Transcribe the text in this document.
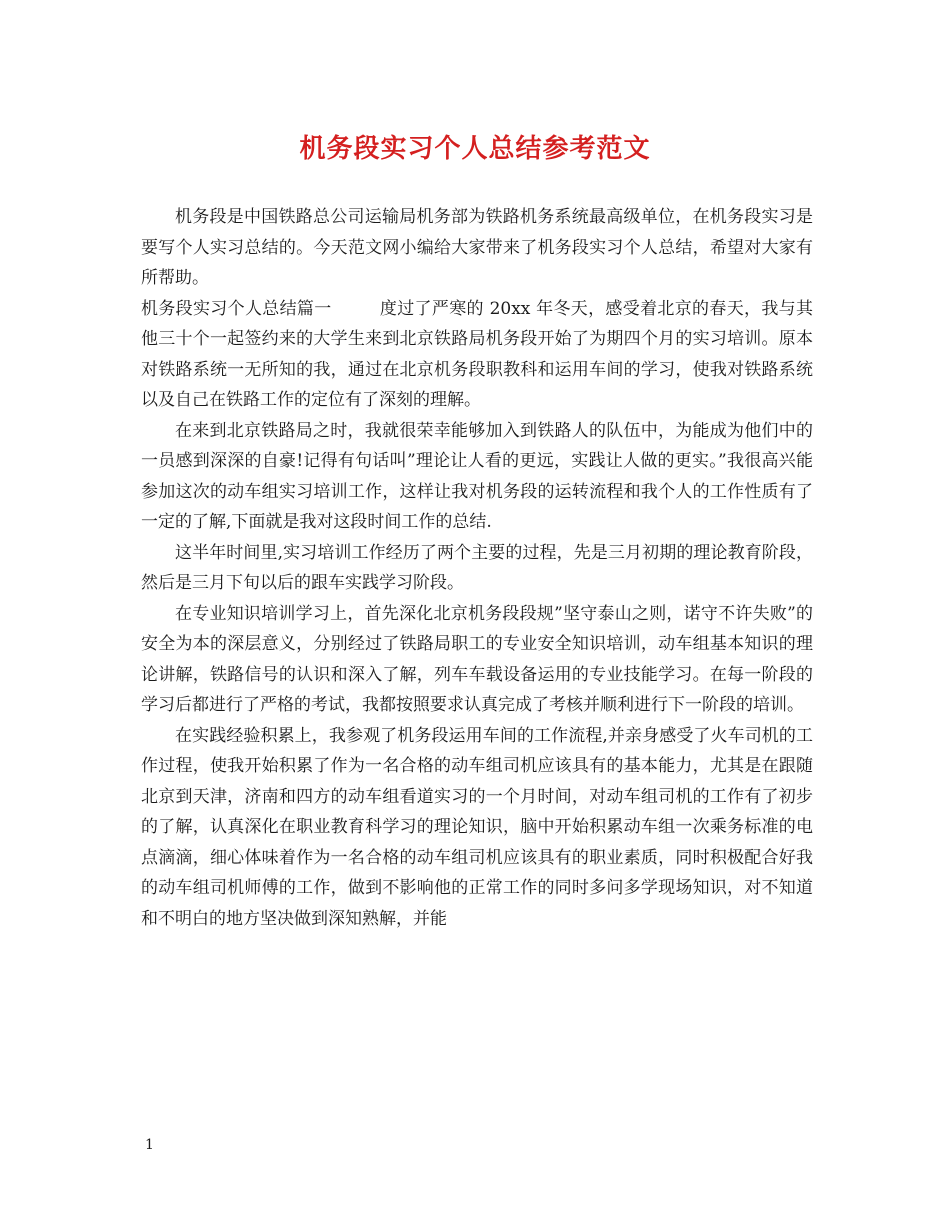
机务段实习个人总结参考范文

机务段是中国铁路总公司运输局机务部为铁路机务系统最高级单位，在机务段实习是要写个人实习总结的。今天范文网小编给大家带来了机务段实习个人总结，希望对大家有所帮助。

机务段实习个人总结篇一	度过了严寒的 20xx 年冬天，感受着北京的春天，我与其他三十个一起签约来的大学生来到北京铁路局机务段开始了为期四个月的实习培训。原本对铁路系统一无所知的我，通过在北京机务段职教科和运用车间的学习，使我对铁路系统以及自己在铁路工作的定位有了深刻的理解。

在来到北京铁路局之时，我就很荣幸能够加入到铁路人的队伍中，为能成为他们中的一员感到深深的自豪!记得有句话叫”理论让人看的更远，实践让人做的更实。”我很高兴能参加这次的动车组实习培训工作，这样让我对机务段的运转流程和我个人的工作性质有了一定的了解,下面就是我对这段时间工作的总结.

这半年时间里,实习培训工作经历了两个主要的过程，先是三月初期的理论教育阶段，然后是三月下旬以后的跟车实践学习阶段。

在专业知识培训学习上，首先深化北京机务段段规”坚守泰山之则，诺守不许失败”的安全为本的深层意义，分别经过了铁路局职工的专业安全知识培训，动车组基本知识的理论讲解，铁路信号的认识和深入了解，列车车载设备运用的专业技能学习。在每一阶段的学习后都进行了严格的考试，我都按照要求认真完成了考核并顺利进行下一阶段的培训。

在实践经验积累上，我参观了机务段运用车间的工作流程,并亲身感受了火车司机的工作过程，使我开始积累了作为一名合格的动车组司机应该具有的基本能力，尤其是在跟随北京到天津，济南和四方的动车组看道实习的一个月时间，对动车组司机的工作有了初步的了解，认真深化在职业教育科学习的理论知识，脑中开始积累动车组一次乘务标准的电点滴滴，细心体味着作为一名合格的动车组司机应该具有的职业素质，同时积极配合好我的动车组司机师傅的工作，做到不影响他的正常工作的同时多问多学现场知识，对不知道和不明白的地方坚决做到深知熟解，并能

1
